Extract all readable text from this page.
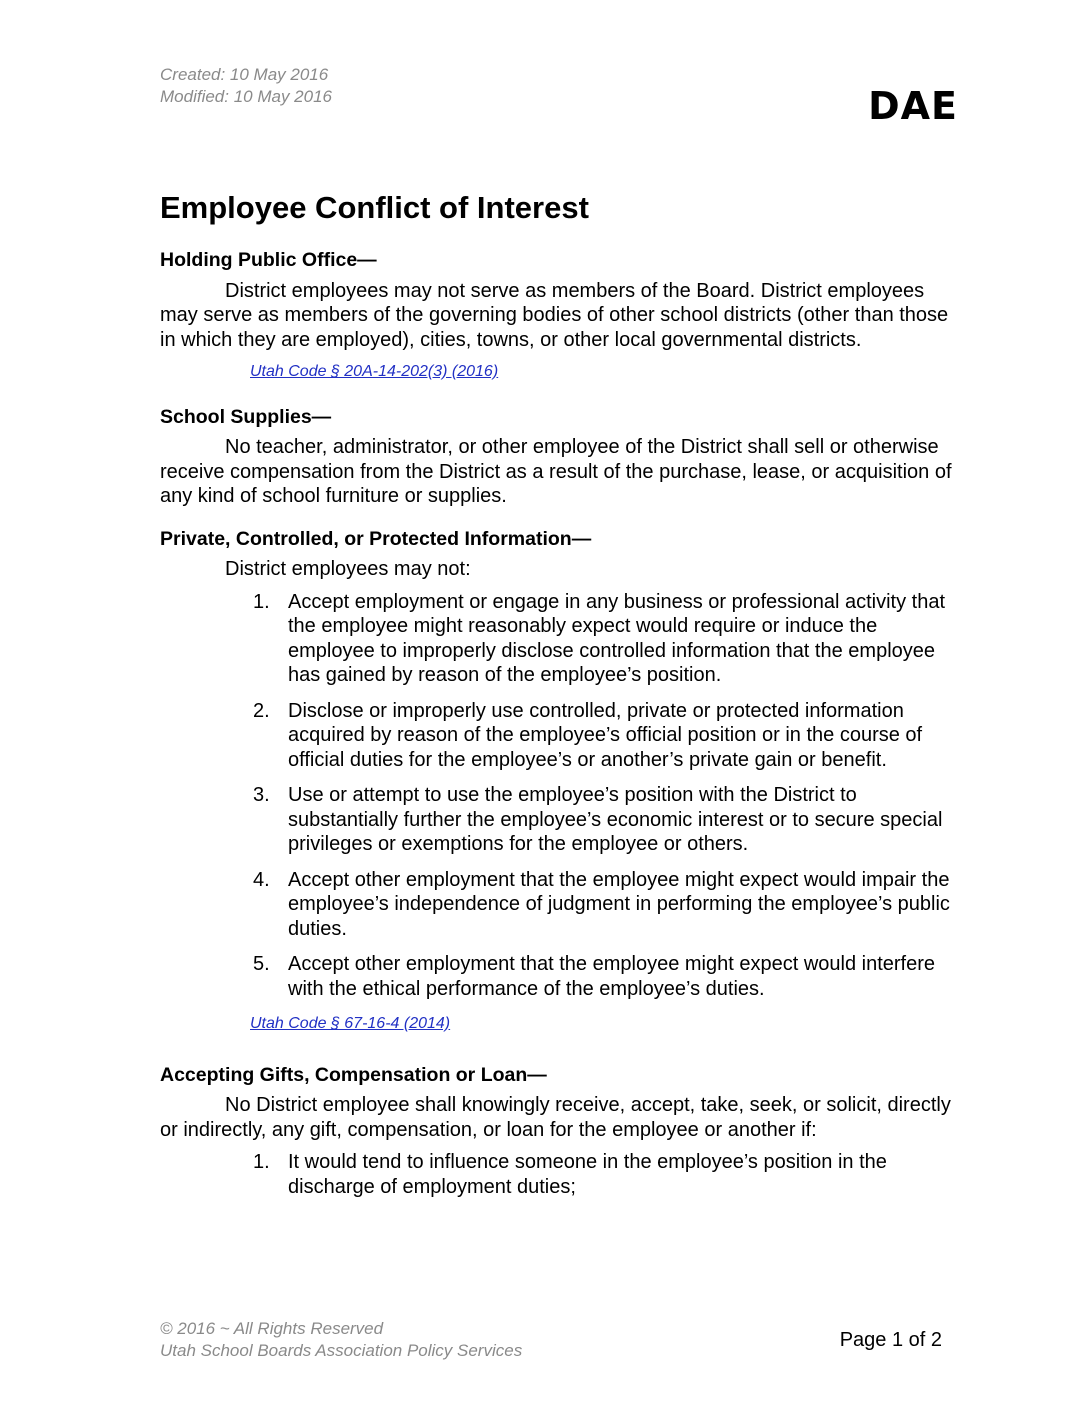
Created: 10 May 2016
Modified: 10 May 2016	DAE
Employee Conflict of Interest
Holding Public Office—

District employees may not serve as members of the Board. District employees may serve as members of the governing bodies of other school districts (other than those in which they are employed), cities, towns, or other local governmental districts.

Utah Code § 20A-14-202(3) (2016)
School Supplies—

No teacher, administrator, or other employee of the District shall sell or otherwise receive compensation from the District as a result of the purchase, lease, or acquisition of any kind of school furniture or supplies.

Private, Controlled, or Protected Information—
District employees may not:
1. Accept employment or engage in any business or professional activity that the employee might reasonably expect would require or induce the employee to improperly disclose controlled information that the employee has gained by reason of the employee’s position.
2. Disclose or improperly use controlled, private or protected information acquired by reason of the employee’s official position or in the course of official duties for the employee’s or another’s private gain or benefit.
3. Use or attempt to use the employee’s position with the District to substantially further the employee’s economic interest or to secure special privileges or exemptions for the employee or others.
4. Accept other employment that the employee might expect would impair the employee’s independence of judgment in performing the employee’s public duties.
5. Accept other employment that the employee might expect would interfere with the ethical performance of the employee’s duties.
Utah Code § 67-16-4 (2014)
Accepting Gifts, Compensation or Loan—

No District employee shall knowingly receive, accept, take, seek, or solicit, directly or indirectly, any gift, compensation, or loan for the employee or another if:

1. It would tend to influence someone in the employee’s position in the discharge of employment duties;
© 2016 ~ All Rights Reserved
Utah School Boards Association Policy Services	Page 1 of 2
